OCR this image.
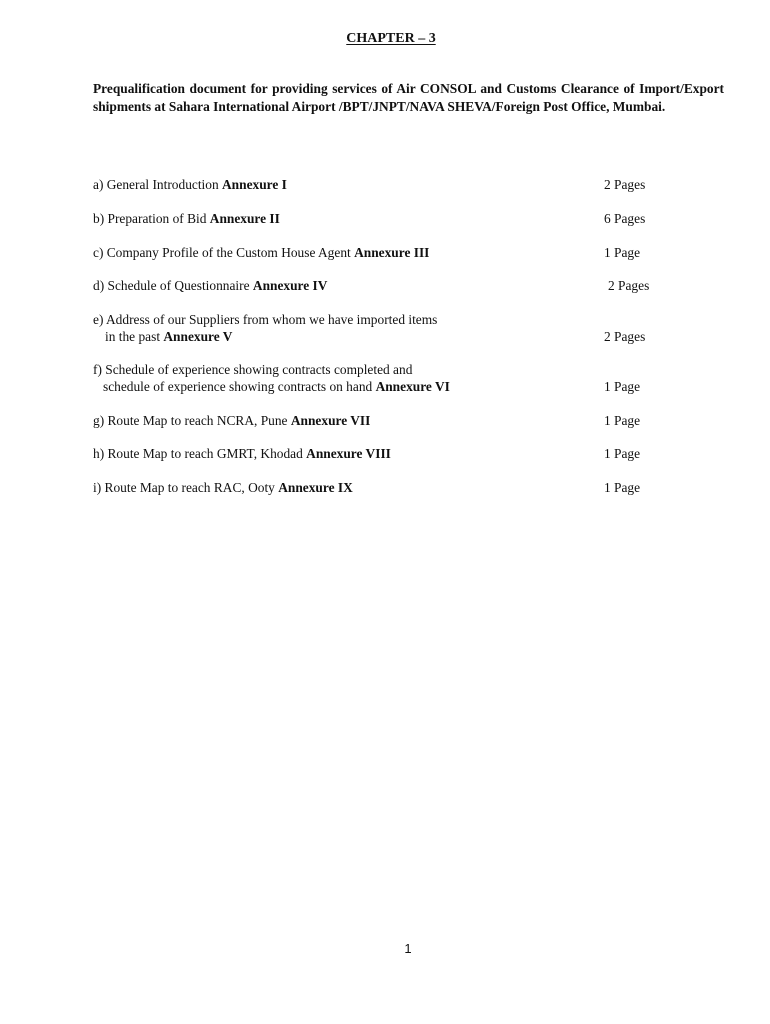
CHAPTER – 3
Prequalification document for providing services of Air CONSOL and Customs Clearance of Import/Export shipments at Sahara International Airport /BPT/JNPT/NAVA SHEVA/Foreign Post Office, Mumbai.
a) General Introduction Annexure I	2 Pages
b) Preparation of Bid Annexure II	6 Pages
c) Company Profile of the Custom House Agent Annexure III	1 Page
d) Schedule of Questionnaire Annexure IV	2 Pages
e) Address of our Suppliers from whom we have imported items
in the past Annexure V	2 Pages
f) Schedule of experience showing contracts completed and
schedule of experience showing contracts on hand Annexure VI	1 Page
g) Route Map to reach NCRA, Pune Annexure VII	1 Page
h) Route Map to reach GMRT, Khodad Annexure VIII	1 Page
i) Route Map to reach RAC, Ooty Annexure IX	1 Page
1
